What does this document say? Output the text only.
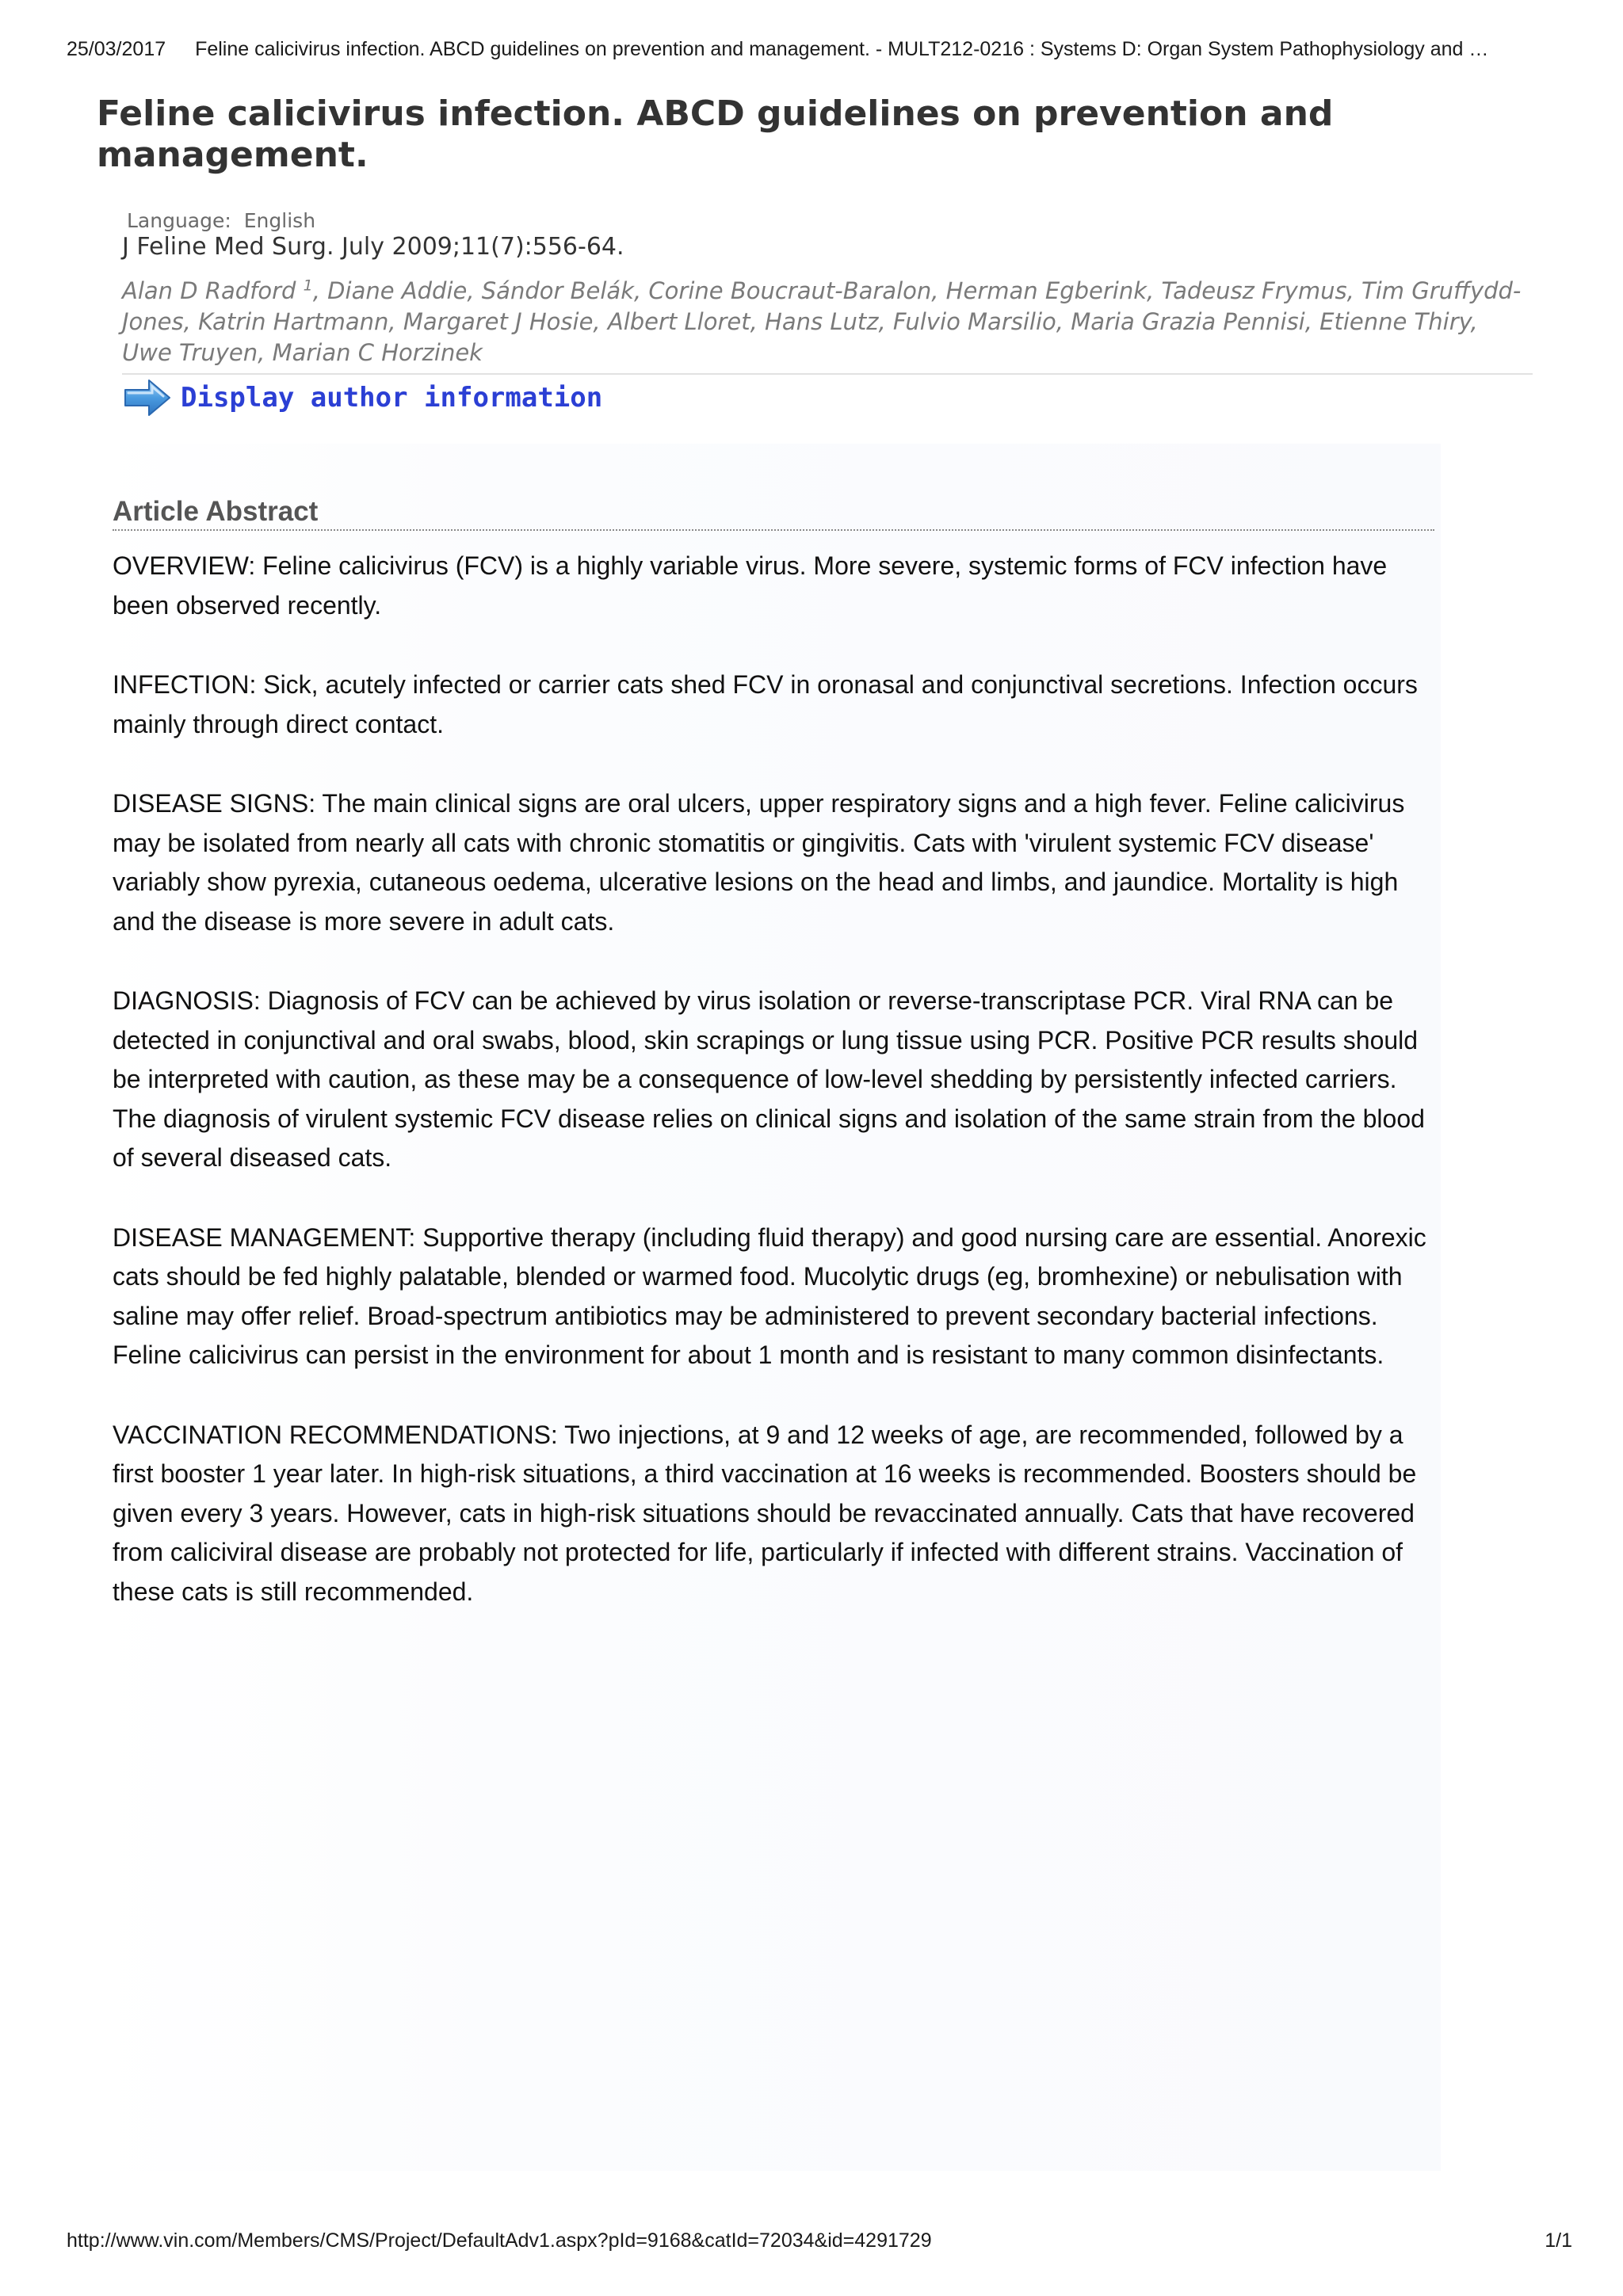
25/03/2017 Feline calicivirus infection. ABCD guidelines on prevention and management. - MULT212-0216 : Systems D: Organ System Pathophysiology and …
Feline calicivirus infection. ABCD guidelines on prevention and management.
Language: English
J Feline Med Surg. July 2009;11(7):556-64.
Alan D Radford $^1$, Diane Addie, Sándor Belák, Corine Boucraut-Baralon, Herman Egberink, Tadeusz Frymus, Tim Gruffydd-Jones, Katrin Hartmann, Margaret J Hosie, Albert Lloret, Hans Lutz, Fulvio Marsilio, Maria Grazia Pennisi, Etienne Thiry, Uwe Truyen, Marian C Horzinek
Display author information
Article Abstract

OVERVIEW: Feline calicivirus (FCV) is a highly variable virus. More severe, systemic forms of FCV infection have been observed recently.

INFECTION: Sick, acutely infected or carrier cats shed FCV in oronasal and conjunctival secretions. Infection occurs mainly through direct contact.

DISEASE SIGNS: The main clinical signs are oral ulcers, upper respiratory signs and a high fever. Feline calicivirus may be isolated from nearly all cats with chronic stomatitis or gingivitis. Cats with 'virulent systemic FCV disease' variably show pyrexia, cutaneous oedema, ulcerative lesions on the head and limbs, and jaundice. Mortality is high and the disease is more severe in adult cats.

DIAGNOSIS: Diagnosis of FCV can be achieved by virus isolation or reverse-transcriptase PCR. Viral RNA can be detected in conjunctival and oral swabs, blood, skin scrapings or lung tissue using PCR. Positive PCR results should be interpreted with caution, as these may be a consequence of low-level shedding by persistently infected carriers. The diagnosis of virulent systemic FCV disease relies on clinical signs and isolation of the same strain from the blood of several diseased cats.

DISEASE MANAGEMENT: Supportive therapy (including fluid therapy) and good nursing care are essential. Anorexic cats should be fed highly palatable, blended or warmed food. Mucolytic drugs (eg, bromhexine) or nebulisation with saline may offer relief. Broad-spectrum antibiotics may be administered to prevent secondary bacterial infections. Feline calicivirus can persist in the environment for about 1 month and is resistant to many common disinfectants.

VACCINATION RECOMMENDATIONS: Two injections, at 9 and 12 weeks of age, are recommended, followed by a first booster 1 year later. In high-risk situations, a third vaccination at 16 weeks is recommended. Boosters should be given every 3 years. However, cats in high-risk situations should be revaccinated annually. Cats that have recovered from caliciviral disease are probably not protected for life, particularly if infected with different strains. Vaccination of these cats is still recommended.

http://www.vin.com/Members/CMS/Project/DefaultAdv1.aspx?pId=9168&catId=72034&id=4291729	1/1
